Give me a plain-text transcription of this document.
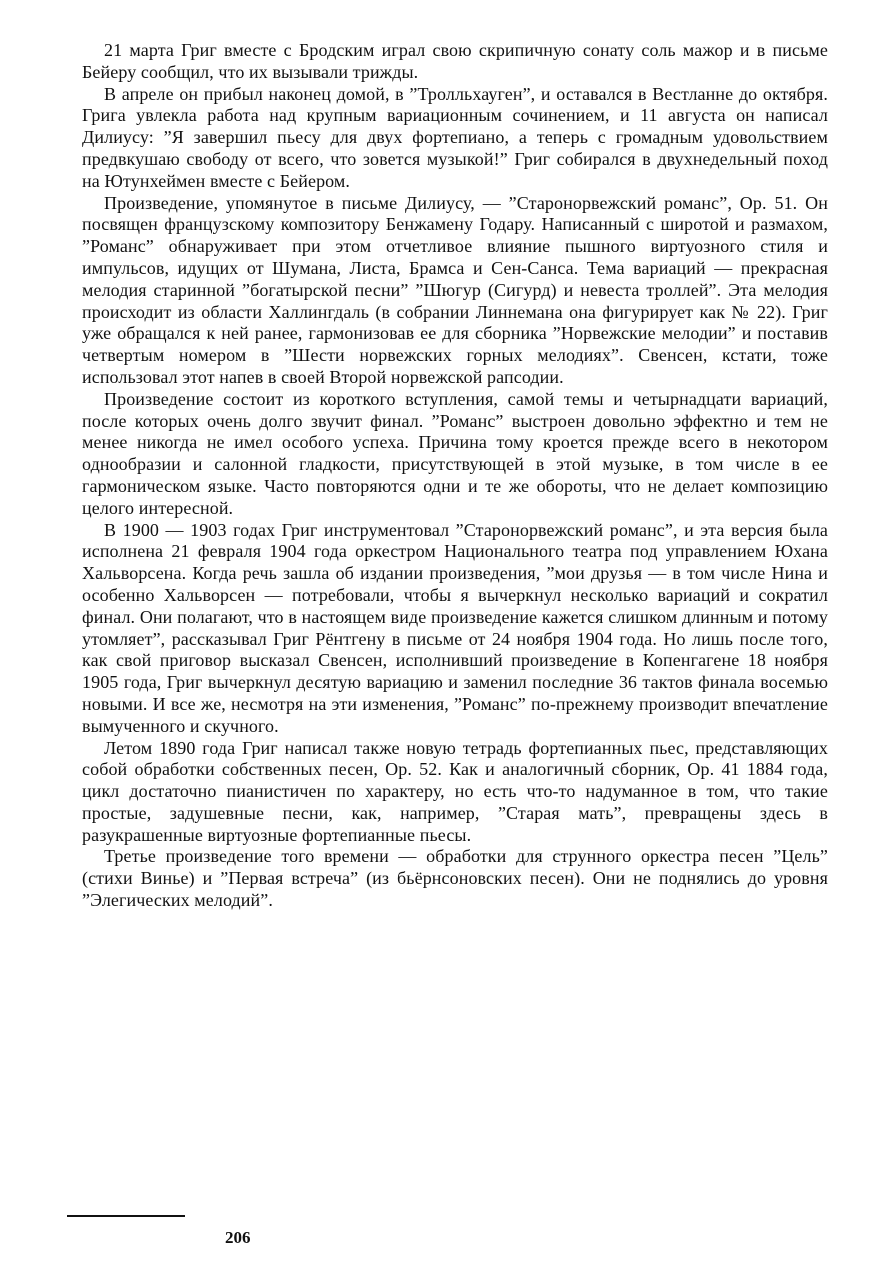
21 марта Григ вместе с Бродским играл свою скрипичную сонату соль мажор и в письме Бейеру сообщил, что их вызывали трижды.

В апреле он прибыл наконец домой, в ”Тролльхауген”, и оставался в Вестланне до октября. Грига увлекла работа над крупным вариационным сочинением, и 11 августа он написал Дилиусу: ”Я завершил пьесу для двух фортепиано, а теперь с громадным удовольствием предвкушаю свободу от всего, что зовется музыкой!” Григ собирался в двухнедельный поход на Ютунхеймен вместе с Бейером.

Произведение, упомянутое в письме Дилиусу, — ”Старонорвежский романс”, Ор. 51. Он посвящен французскому композитору Бенжамену Годару. Написанный с широтой и размахом, ”Романс” обнаруживает при этом отчетливое влияние пышного виртуозного стиля и импульсов, идущих от Шумана, Листа, Брамса и Сен-Санса. Тема вариаций — прекрасная мелодия старинной ”богатырской песни” ”Шюгур (Сигурд) и невеста троллей”. Эта мелодия происходит из области Халлингдаль (в собрании Линнемана она фигурирует как № 22). Григ уже обращался к ней ранее, гармонизовав ее для сборника ”Норвежские мелодии” и поставив четвертым номером в ”Шести норвежских горных мелодиях”. Свенсен, кстати, тоже использовал этот напев в своей Второй норвежской рапсодии.

Произведение состоит из короткого вступления, самой темы и четырнадцати вариаций, после которых очень долго звучит финал. ”Романс” выстроен довольно эффектно и тем не менее никогда не имел особого успеха. Причина тому кроется прежде всего в некотором однообразии и салонной гладкости, присутствующей в этой музыке, в том числе в ее гармоническом языке. Часто повторяются одни и те же обороты, что не делает композицию целого интересной.

В 1900 — 1903 годах Григ инструментовал ”Старонорвежский романс”, и эта версия была исполнена 21 февраля 1904 года оркестром Национального театра под управлением Юхана Хальворсена. Когда речь зашла об издании произведения, ”мои друзья — в том числе Нина и особенно Хальворсен — потребовали, чтобы я вычеркнул несколько вариаций и сократил финал. Они полагают, что в настоящем виде произведение кажется слишком длинным и потому утомляет”, рассказывал Григ Рёнтгену в письме от 24 ноября 1904 года. Но лишь после того, как свой приговор высказал Свенсен, исполнивший произведение в Копенгагене 18 ноября 1905 года, Григ вычеркнул десятую вариацию и заменил последние 36 тактов финала восемью новыми. И все же, несмотря на эти изменения, ”Романс” по-прежнему производит впечатление вымученного и скучного.

Летом 1890 года Григ написал также новую тетрадь фортепианных пьес, представляющих собой обработки собственных песен, Ор. 52. Как и аналогичный сборник, Ор. 41 1884 года, цикл достаточно пианистичен по характеру, но есть что-то надуманное в том, что такие простые, задушевные песни, как, например, ”Старая мать”, превращены здесь в разукрашенные виртуозные фортепианные пьесы.

Третье произведение того времени — обработки для струнного оркестра песен ”Цель” (стихи Винье) и ”Первая встреча” (из бьёрнсоновских песен). Они не поднялись до уровня ”Элегических мелодий”.

206
